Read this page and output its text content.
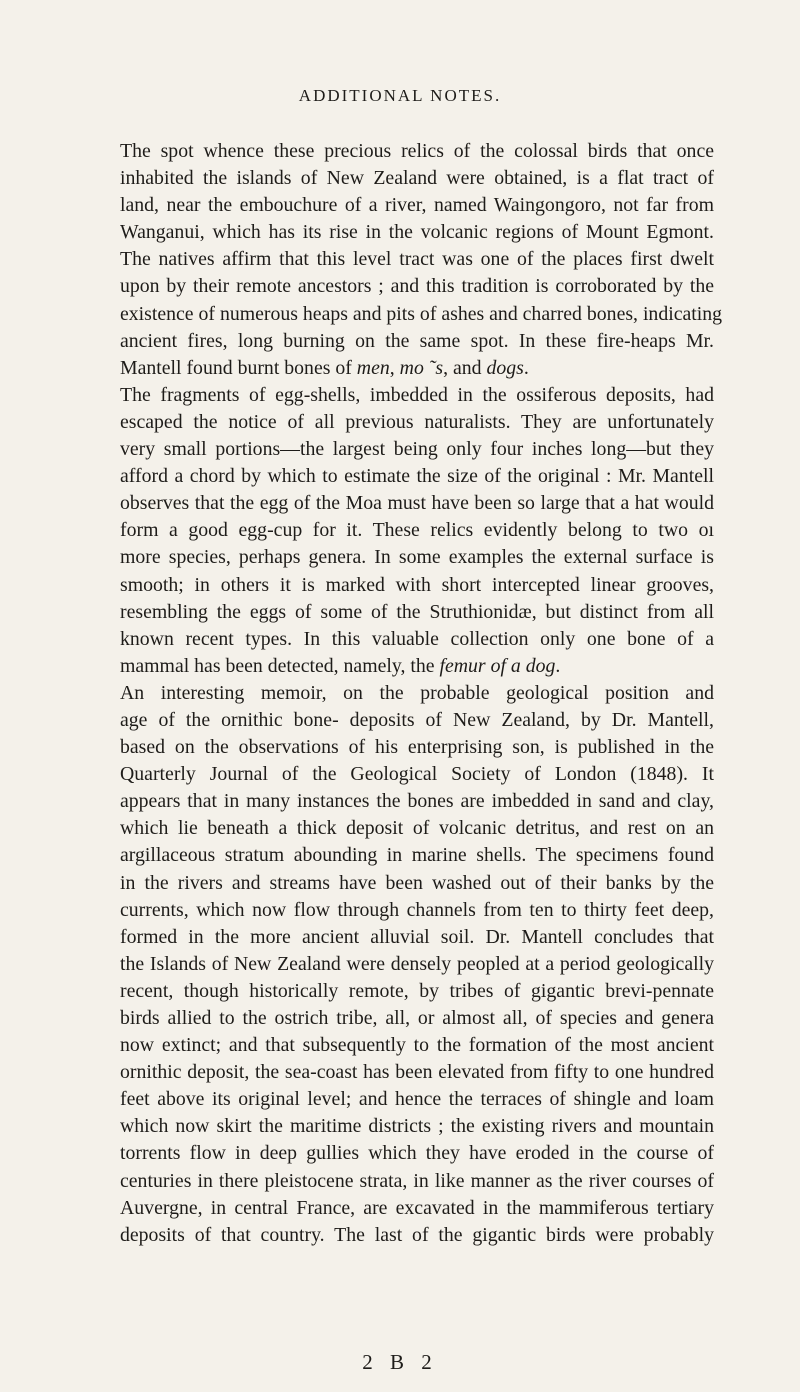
ADDITIONAL NOTES.
The spot whence these precious relics of the colossal birds that once
inhabited the islands of New Zealand were obtained, is a flat tract of
land, near the embouchure of a river, named Waingongoro, not far from
Wanganui, which has its rise in the volcanic regions of Mount Egmont.
The natives affirm that this level tract was one of the places first dwelt
upon by their remote ancestors ; and this tradition is corroborated by the
existence of numerous heaps and pits of ashes and charred bones, indicating
ancient fires, long burning on the same spot. In these fire-heaps Mr.
Mantell found burnt bones of men, mo ˜s, and dogs.
The fragments of egg-shells, imbedded in the ossiferous deposits, had
escaped the notice of all previous naturalists. They are unfortunately
very small portions—the largest being only four inches long—but they
afford a chord by which to estimate the size of the original : Mr. Mantell
observes that the egg of the Moa must have been so large that a hat would
form a good egg-cup for it. These relics evidently belong to two oı
more species, perhaps genera. In some examples the external surface is
smooth; in others it is marked with short intercepted linear grooves,
resembling the eggs of some of the Struthionidæ, but distinct from all
known recent types. In this valuable collection only one bone of a
mammal has been detected, namely, the femur of a dog.
An interesting memoir, on the probable geological position and
age of the ornithic bone- deposits of New Zealand, by Dr. Mantell,
based on the observations of his enterprising son, is published in the
Quarterly Journal of the Geological Society of London (1848). It
appears that in many instances the bones are imbedded in sand and clay,
which lie beneath a thick deposit of volcanic detritus, and rest on an
argillaceous stratum abounding in marine shells. The specimens found
in the rivers and streams have been washed out of their banks by the
currents, which now flow through channels from ten to thirty feet deep,
formed in the more ancient alluvial soil. Dr. Mantell concludes that
the Islands of New Zealand were densely peopled at a period geologically
recent, though historically remote, by tribes of gigantic brevi-pennate
birds allied to the ostrich tribe, all, or almost all, of species and genera
now extinct; and that subsequently to the formation of the most ancient
ornithic deposit, the sea-coast has been elevated from fifty to one hundred
feet above its original level; and hence the terraces of shingle and loam
which now skirt the maritime districts ; the existing rivers and mountain
torrents flow in deep gullies which they have eroded in the course of
centuries in there pleistocene strata, in like manner as the river courses of
Auvergne, in central France, are excavated in the mammiferous tertiary
deposits of that country. The last of the gigantic birds were probably
2 B 2
